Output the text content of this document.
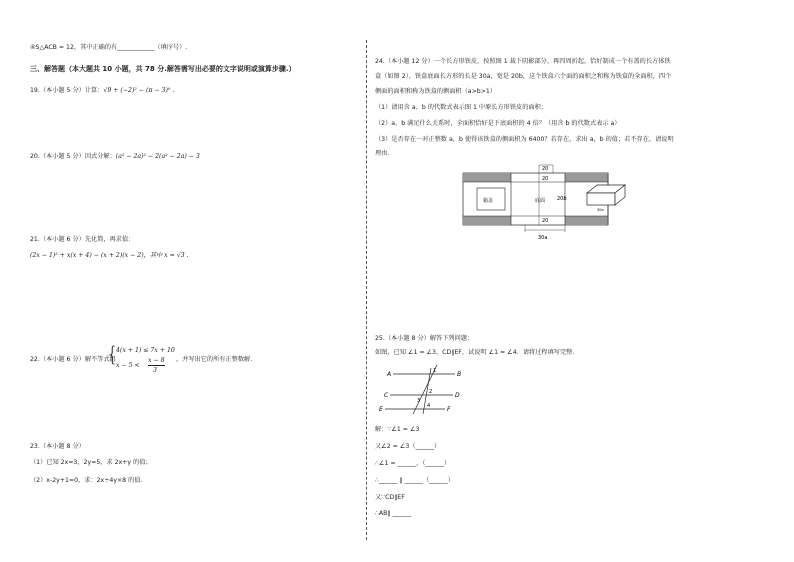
④S△ACB = 12，其中正确的有____________（填序号）.
三、解答题（本大题共 10 小题，共 78 分.解答需写出必要的文字说明或演算步骤.）
19.（本小题 5 分）计算：√9 + (−2)² − (π − 3)⁰ .
20.（本小题 5 分）因式分解：(a² − 2a)² − 2(a² − 2a) − 3
21.（本小题 6 分）先化简，再求值：
(2x − 1)² + x(x + 4) − (x + 2)(x − 2)，其中 x = √3 .
22.（本小题 6 分）解不等式组
{
4(x + 1) ≤ 7x + 10
x − 5 <
x − 8
3
，并写出它的所有正整数解.
23.（本小题 8 分）
（1）已知 2x=3，2y=5，求 2x+y 的值；
（2）x-2y+1=0，求：2x÷4y×8 的值.
24.（本小题 12 分）一个长方形铁皮，按照图 1 裁下阴影部分，再四周折起，恰好制成一个有盖的长方体铁
盒（如图 2），铁盒底面长方形的长是 30a，宽是 20b，这个铁盒六个面的面积之和称为铁盒的全面积，四个
侧面的面积和称为铁盒的侧面积（a>b>1）
（1）请用含 a、b 的代数式表示图 1 中原长方形铁皮的面积；
（2）a、b 满足什么关系时，全面积恰好是下底面积的 4 倍？（用含 b 的代数式表示 a）
（3）是否存在一对正整数 a，b 使得该铁盒的侧面积为 6400？若存在，求出 a，b 的值；若不存在，请说明
理由.
箱盖	底面
20
20
20b
20
30a
30a
25.（本小题 8 分）解答下列问题：
如图，已知 ∠1 = ∠3，CD∥EF，试说明 ∠1 = ∠4．请将过程填写完整.
A	B
C	D
E	F
1
2
3
4
解：∵∠1 = ∠3
又∠2 = ∠3（______）
∴∠1 = ______，（______）
∴______ ∥ ______（______）
又∵CD∥EF
∴AB∥ ______
